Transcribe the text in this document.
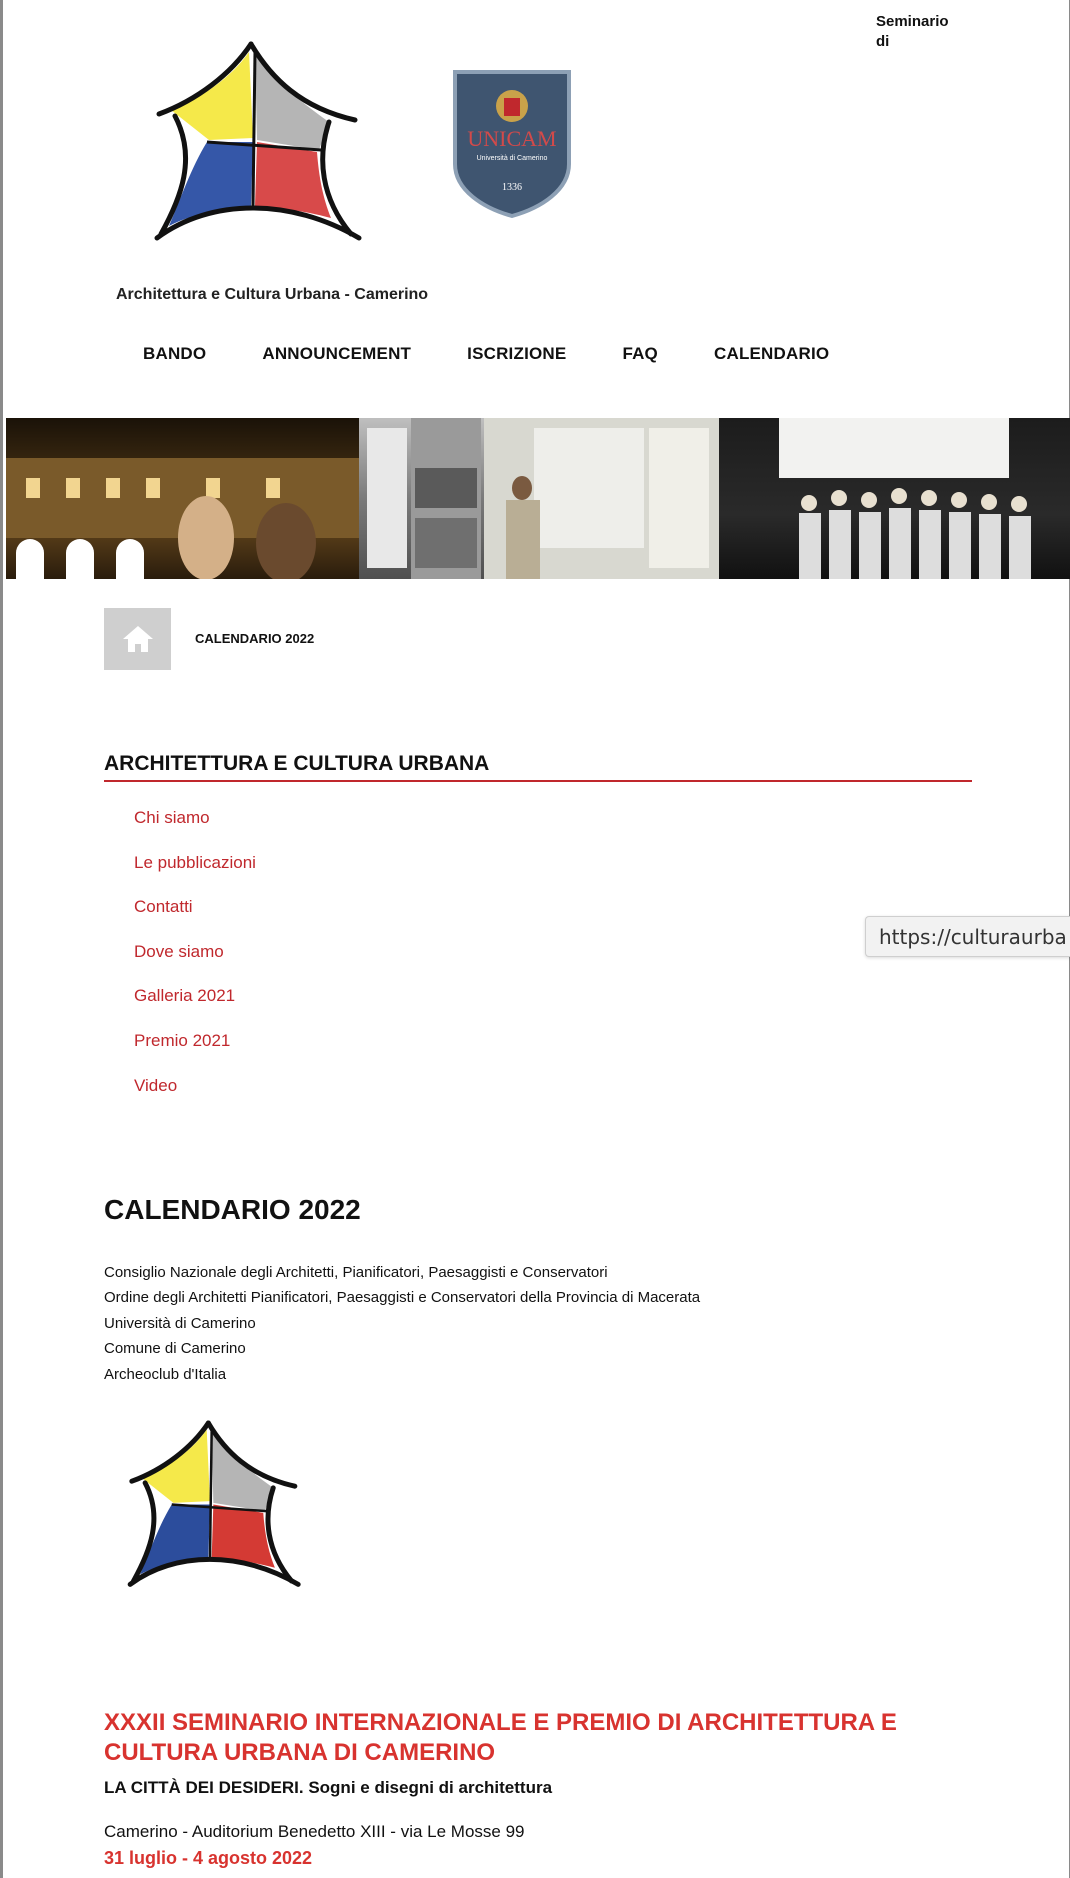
Seminario
di
UNICAM
Università di Camerino
1336
Architettura e Cultura Urbana - Camerino
BANDO	ANNOUNCEMENT	ISCRIZIONE	FAQ	CALENDARIO
CALENDARIO 2022
ARCHITETTURA E CULTURA URBANA
Chi siamo
Le pubblicazioni
Contatti
Dove siamo
Galleria 2021
Premio 2021
Video
https://culturaurba
CALENDARIO 2022
Consiglio Nazionale degli Architetti, Pianificatori, Paesaggisti e Conservatori
Ordine degli Architetti Pianificatori, Paesaggisti e Conservatori della Provincia di Macerata
Università di Camerino
Comune di Camerino
Archeoclub d'Italia
XXXII SEMINARIO INTERNAZIONALE E PREMIO DI ARCHITETTURA E CULTURA URBANA DI CAMERINO
LA CITTÀ DEI DESIDERI. Sogni e disegni di architettura
Camerino - Auditorium Benedetto XIII - via Le Mosse 99
31 luglio - 4 agosto 2022
